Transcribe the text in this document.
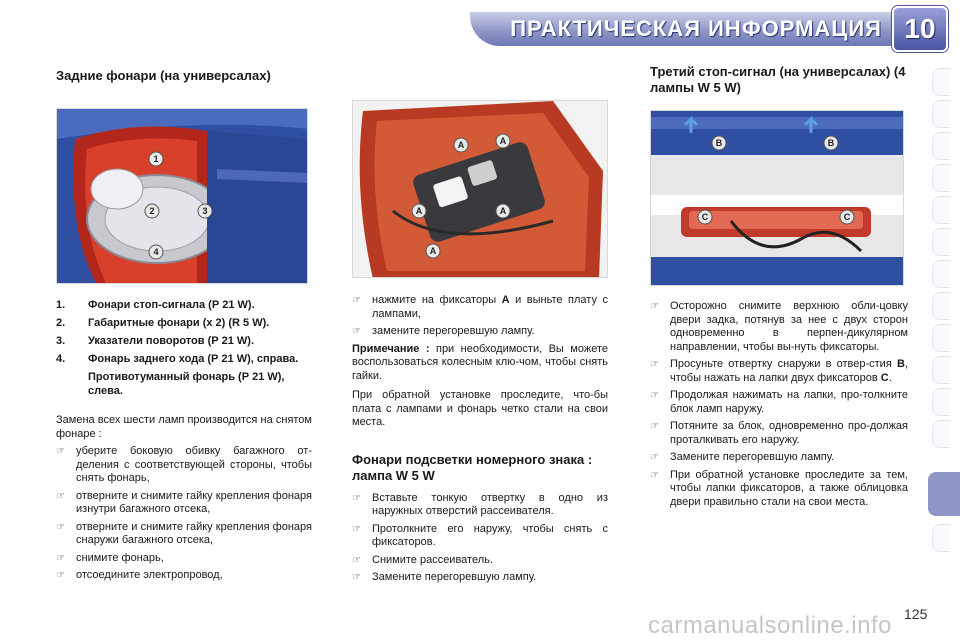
ПРАКТИЧЕСКАЯ ИНФОРМАЦИЯ 10
Задние фонари (на универсалах)
1
2	3
4
1.	Фонари стоп-сигнала (Р 21 W).
2.	Габаритные фонари (х 2) (R 5 W).
3.	Указатели поворотов (Р 21 W).
4.	Фонарь заднего хода (Р 21 W), справа.
Противотуманный фонарь (Р 21 W), слева.

Замена всех шести ламп производится на снятом фонаре :

☞	уберите боковую обивку багажного от-деления с соответствующей стороны, чтобы снять фонарь,
☞	отверните и снимите гайку крепления фонаря изнутри багажного отсека,
☞	отверните и снимите гайку крепления фонаря снаружи багажного отсека,
☞	снимите фонарь,
☞	отсоедините электропровод,
A	A
A	A
A
☞	нажмите на фиксаторы A и выньте плату с лампами,
☞	замените перегоревшую лампу.

Примечание : при необходимости, Вы можете воспользоваться колесным клю-чом, чтобы снять гайки.

При обратной установке проследите, что-бы плата с лампами и фонарь четко стали на свои места.

Фонари подсветки номерного знака : лампа W 5 W
☞	Вставьте тонкую отвертку в одно из наружных отверстий рассеивателя.
☞	Протолкните его наружу, чтобы снять с фиксаторов.
☞	Снимите рассеиватель.
☞	Замените перегоревшую лампу.
Третий стоп-сигнал (на универсалах) (4 лампы W 5 W)
B	B
C	C
☞	Осторожно снимите верхнюю обли-цовку двери задка, потянув за нее с двух сторон одновременно в перпен-дикулярном направлении, чтобы вы-нуть фиксаторы.
☞	Просуньте отвертку снаружи в отвер-стия B, чтобы нажать на лапки двух фиксаторов C.
☞	Продолжая нажимать на лапки, про-толкните блок ламп наружу.
☞	Потяните за блок, одновременно про-должая проталкивать его наружу.
☞	Замените перегоревшую лампу.
☞	При обратной установке проследите за тем, чтобы лапки фиксаторов, а также облицовка двери правильно стали на свои места.
carmanualsonline.info 125
